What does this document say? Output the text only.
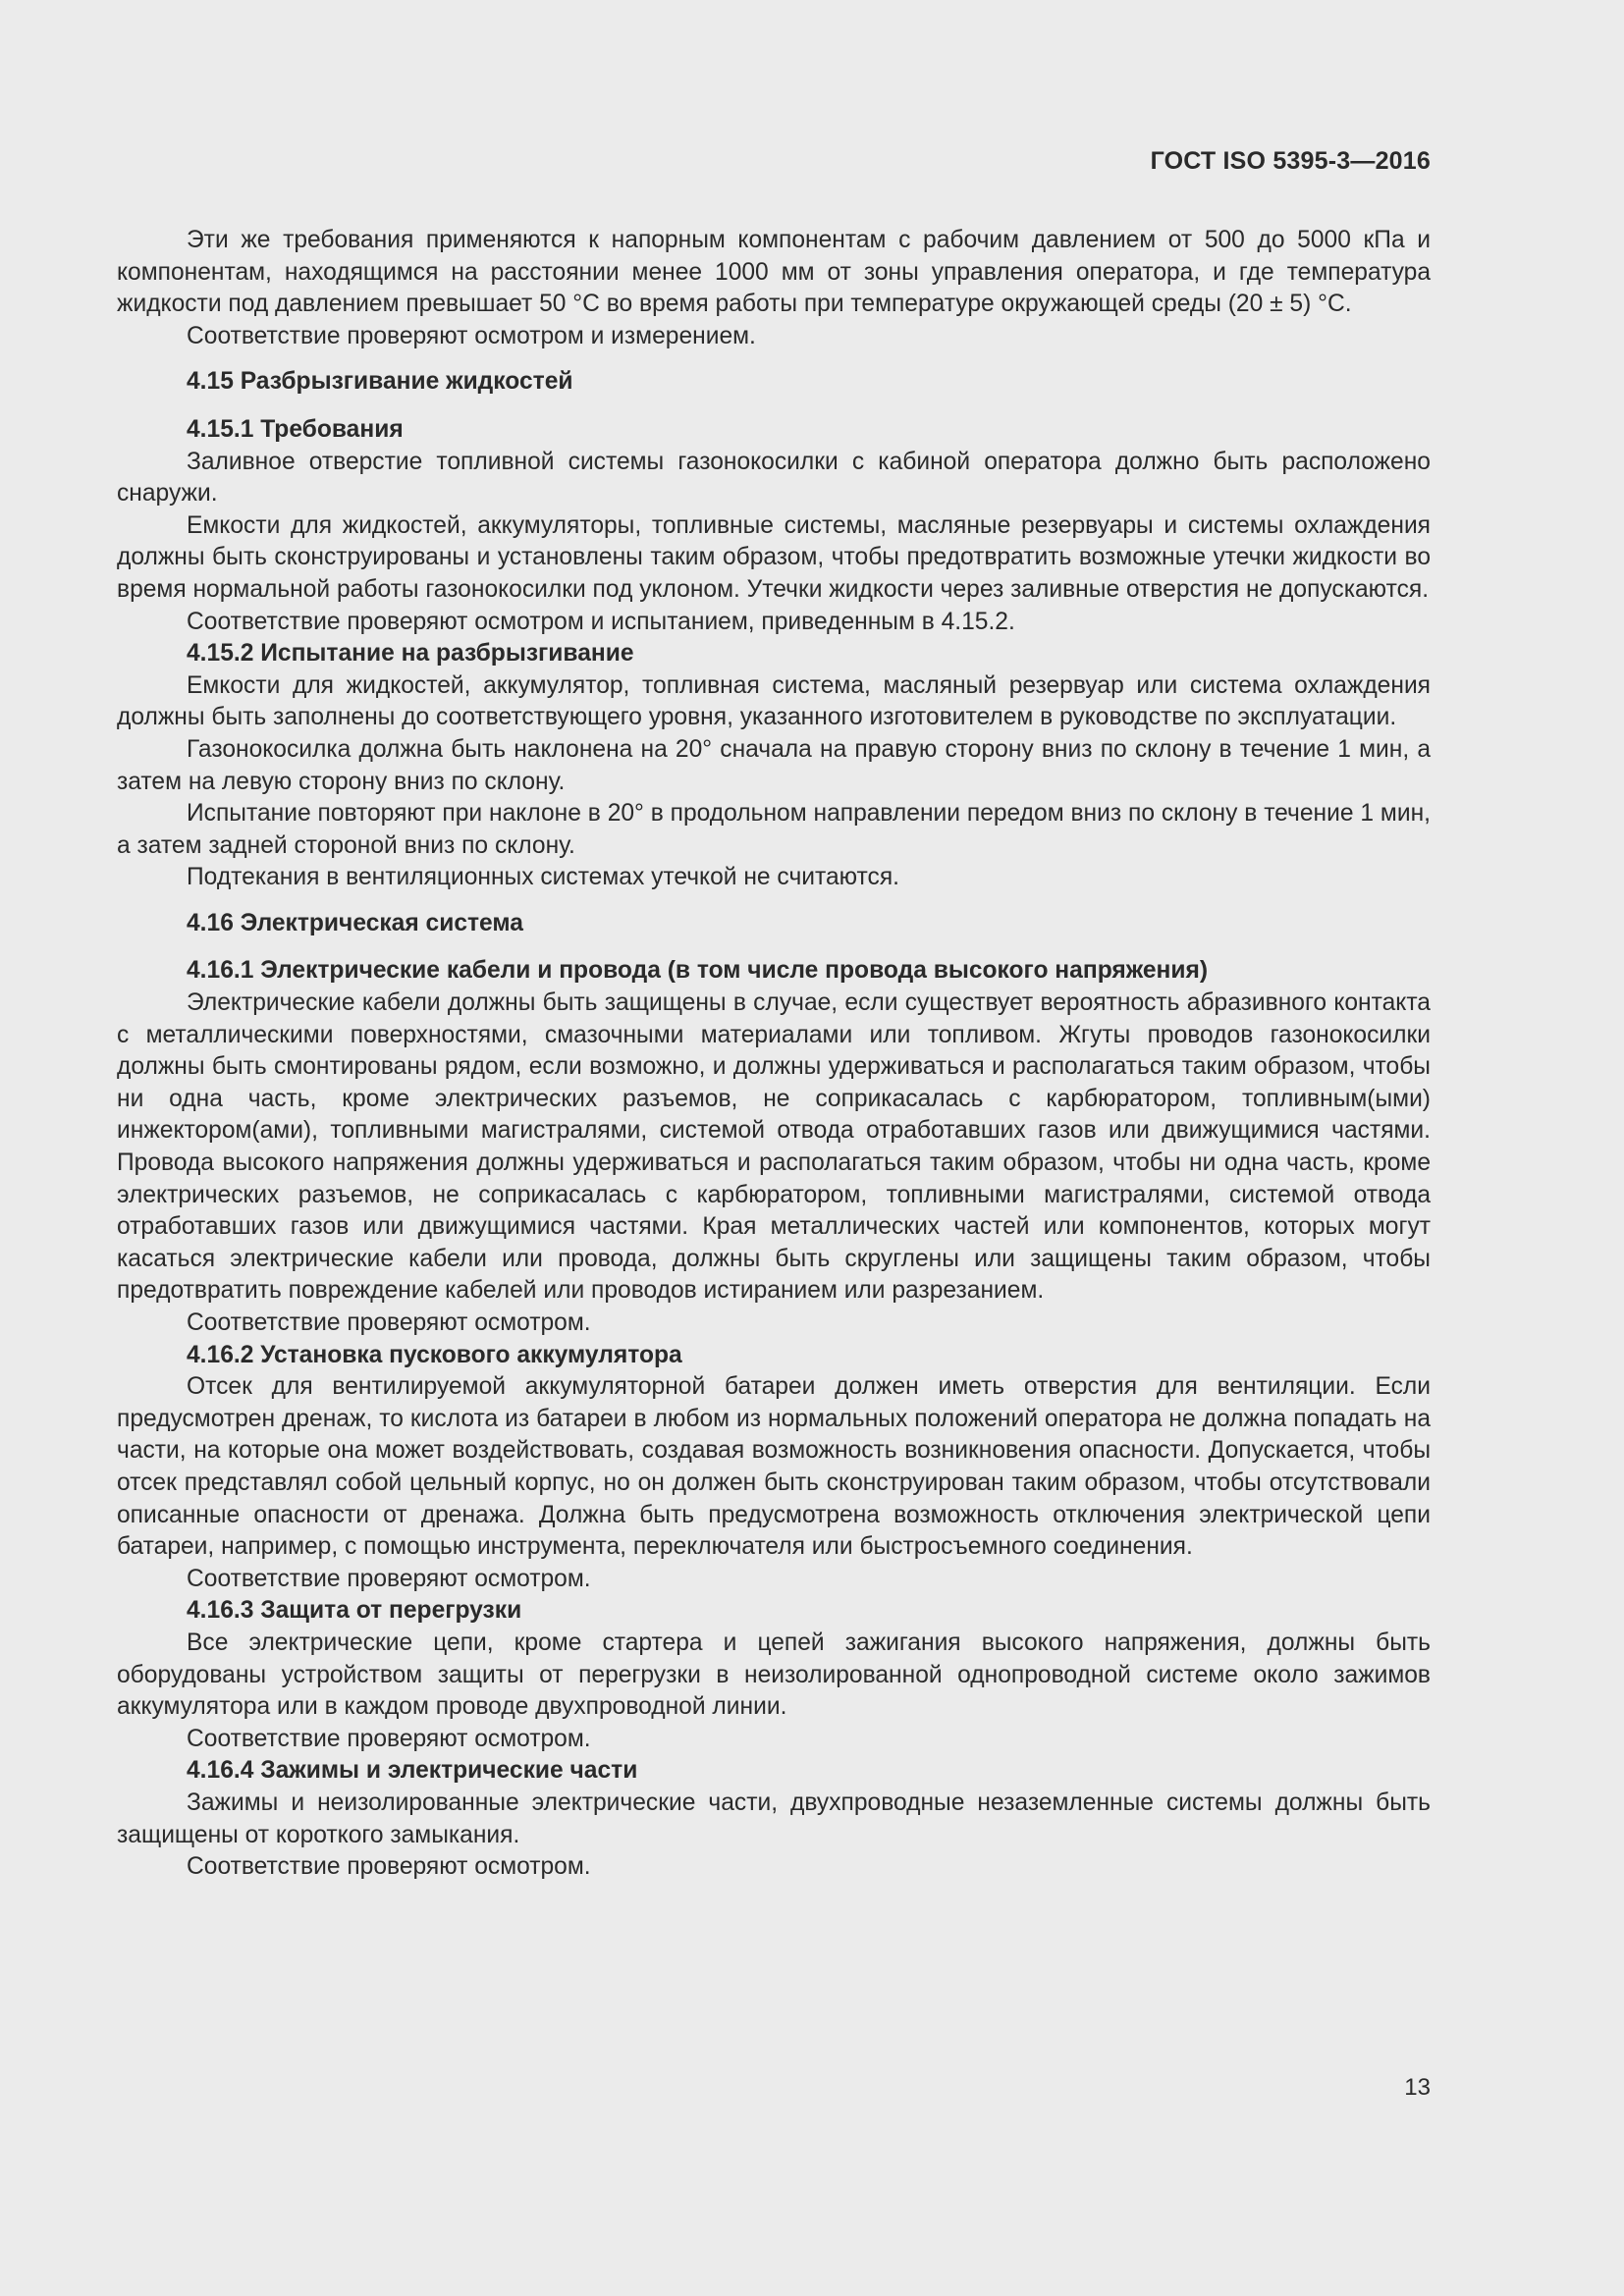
ГОСТ ISO 5395-3—2016

Эти же требования применяются к напорным компонентам с рабочим давлением от 500 до 5000 кПа и компонентам, находящимся на расстоянии менее 1000 мм от зоны управления оператора, и где температура жидкости под давлением превышает 50 °С во время работы при температуре окружающей среды (20 ± 5) °С.

Соответствие проверяют осмотром и измерением.

4.15 Разбрызгивание жидкостей

4.15.1 Требования

Заливное отверстие топливной системы газонокосилки с кабиной оператора должно быть расположено снаружи.

Емкости для жидкостей, аккумуляторы, топливные системы, масляные резервуары и системы охлаждения должны быть сконструированы и установлены таким образом, чтобы предотвратить возможные утечки жидкости во время нормальной работы газонокосилки под уклоном. Утечки жидкости через заливные отверстия не допускаются.

Соответствие проверяют осмотром и испытанием, приведенным в 4.15.2.

4.15.2 Испытание на разбрызгивание

Емкости для жидкостей, аккумулятор, топливная система, масляный резервуар или система охлаждения должны быть заполнены до соответствующего уровня, указанного изготовителем в руководстве по эксплуатации.

Газонокосилка должна быть наклонена на 20° сначала на правую сторону вниз по склону в течение 1 мин, а затем на левую сторону вниз по склону.

Испытание повторяют при наклоне в 20° в продольном направлении передом вниз по склону в течение 1 мин, а затем задней стороной вниз по склону.

Подтекания в вентиляционных системах утечкой не считаются.

4.16 Электрическая система

4.16.1 Электрические кабели и провода (в том числе провода высокого напряжения)

Электрические кабели должны быть защищены в случае, если существует вероятность абразивного контакта с металлическими поверхностями, смазочными материалами или топливом. Жгуты проводов газонокосилки должны быть смонтированы рядом, если возможно, и должны удерживаться и располагаться таким образом, чтобы ни одна часть, кроме электрических разъемов, не соприкасалась с карбюратором, топливным(ыми) инжектором(ами), топливными магистралями, системой отвода отработавших газов или движущимися частями. Провода высокого напряжения должны удерживаться и располагаться таким образом, чтобы ни одна часть, кроме электрических разъемов, не соприкасалась с карбюратором, топливными магистралями, системой отвода отработавших газов или движущимися частями. Края металлических частей или компонентов, которых могут касаться электрические кабели или провода, должны быть скруглены или защищены таким образом, чтобы предотвратить повреждение кабелей или проводов истиранием или разрезанием.

Соответствие проверяют осмотром.

4.16.2 Установка пускового аккумулятора

Отсек для вентилируемой аккумуляторной батареи должен иметь отверстия для вентиляции. Если предусмотрен дренаж, то кислота из батареи в любом из нормальных положений оператора не должна попадать на части, на которые она может воздействовать, создавая возможность возникновения опасности. Допускается, чтобы отсек представлял собой цельный корпус, но он должен быть сконструирован таким образом, чтобы отсутствовали описанные опасности от дренажа. Должна быть предусмотрена возможность отключения электрической цепи батареи, например, с помощью инструмента, переключателя или быстросъемного соединения.

Соответствие проверяют осмотром.

4.16.3 Защита от перегрузки

Все электрические цепи, кроме стартера и цепей зажигания высокого напряжения, должны быть оборудованы устройством защиты от перегрузки в неизолированной однопроводной системе около зажимов аккумулятора или в каждом проводе двухпроводной линии.

Соответствие проверяют осмотром.

4.16.4 Зажимы и электрические части

Зажимы и неизолированные электрические части, двухпроводные незаземленные системы должны быть защищены от короткого замыкания.

Соответствие проверяют осмотром.

13
